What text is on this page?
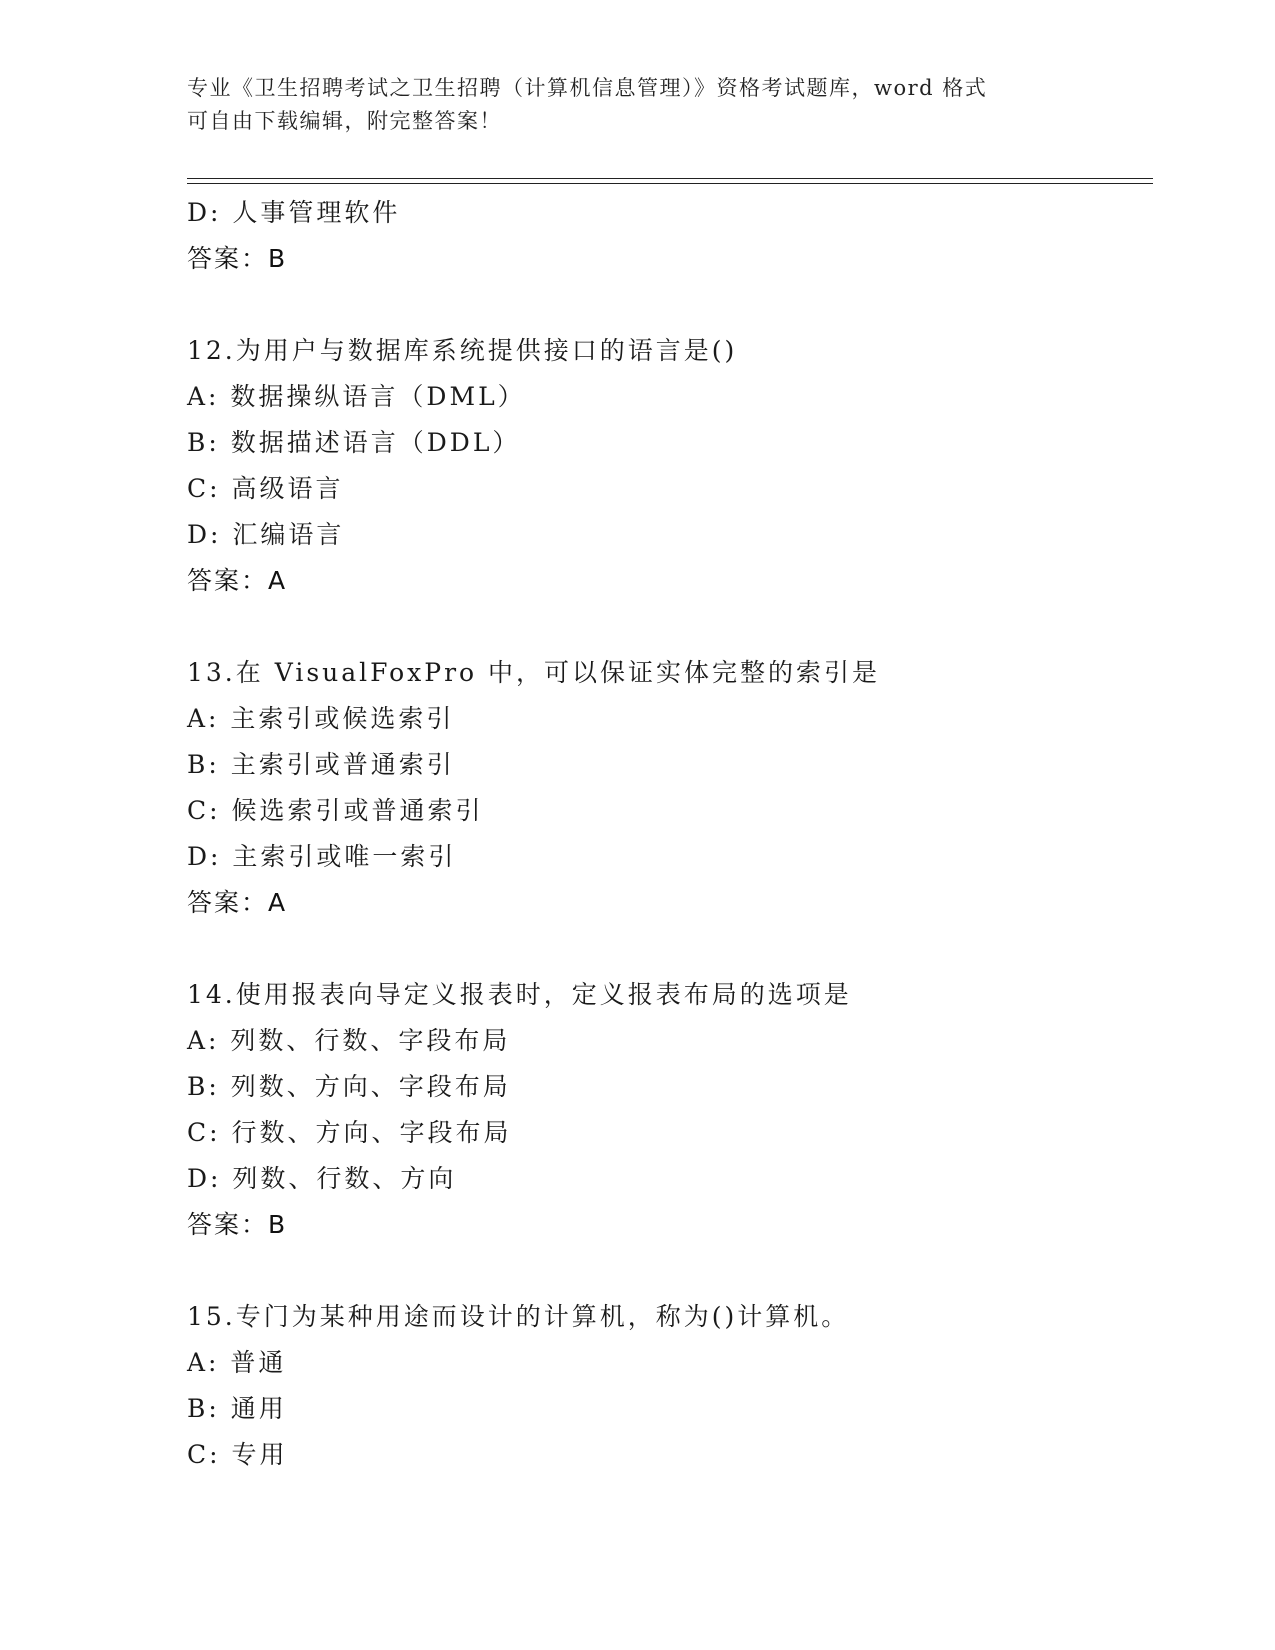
专业《卫生招聘考试之卫生招聘（计算机信息管理）》资格考试题库，word 格式
可自由下载编辑，附完整答案！
D: 人事管理软件
答案：B
12.为用户与数据库系统提供接口的语言是()
A: 数据操纵语言（DML）
B: 数据描述语言（DDL）
C: 高级语言
D: 汇编语言
答案：A
13.在 VisualFoxPro 中，可以保证实体完整的索引是
A: 主索引或候选索引
B: 主索引或普通索引
C: 候选索引或普通索引
D: 主索引或唯一索引
答案：A
14.使用报表向导定义报表时，定义报表布局的选项是
A: 列数、行数、字段布局
B: 列数、方向、字段布局
C: 行数、方向、字段布局
D: 列数、行数、方向
答案：B
15.专门为某种用途而设计的计算机，称为()计算机。
A: 普通
B: 通用
C: 专用
